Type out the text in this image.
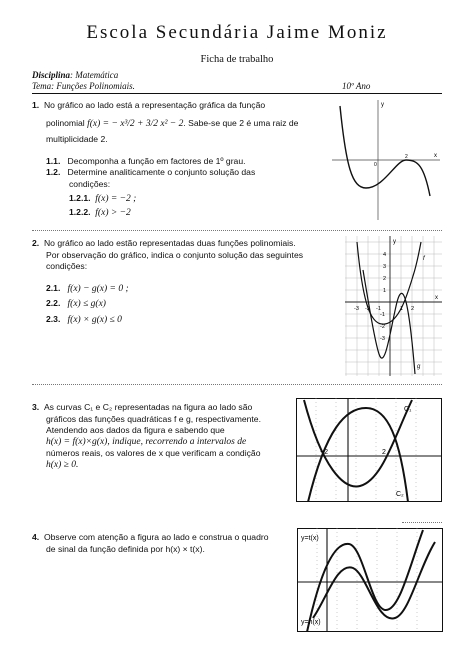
Escola Secundária Jaime Moniz
Ficha de trabalho
Disciplina: Matemática
Tema: Funções Polinomiais.	10º Ano
1. No gráfico ao lado está a representação gráfica da função
polinomial f(x) = − x³/2 + 3/2 x² − 2. Sabe-se que 2 é uma raiz de
multiplicidade 2.
1.1. Decomponha a função em factores de 1º grau.
1.2. Determine analiticamente o conjunto solução das
condições:
1.2.1. f(x) = −2 ;
1.2.2. f(x) > −2
y
x
0
2
2. No gráfico ao lado estão representadas duas funções polinomiais.
Por observação do gráfico, indica o conjunto solução das seguintes
condições:
2.1. f(x) − g(x) = 0 ;
2.2. f(x) ≤ g(x)
2.3. f(x) × g(x) ≤ 0
y
x
-3 -2 -1	1 2
4
3
2
1
-1
-2
-3
f
g
3. As curvas C₁ e C₂ representadas na figura ao lado são
gráficos das funções quadráticas f e g, respectivamente.
Atendendo aos dados da figura e sabendo que
h(x) = f(x)×g(x), indique, recorrendo a intervalos de
números reais, os valores de x que verificam a condição
h(x) ≥ 0.
C₁
C₂
−2	2
4. Observe com atenção a figura ao lado e construa o quadro
de sinal da função definida por h(x) × t(x).
y=t(x)
y=h(x)
